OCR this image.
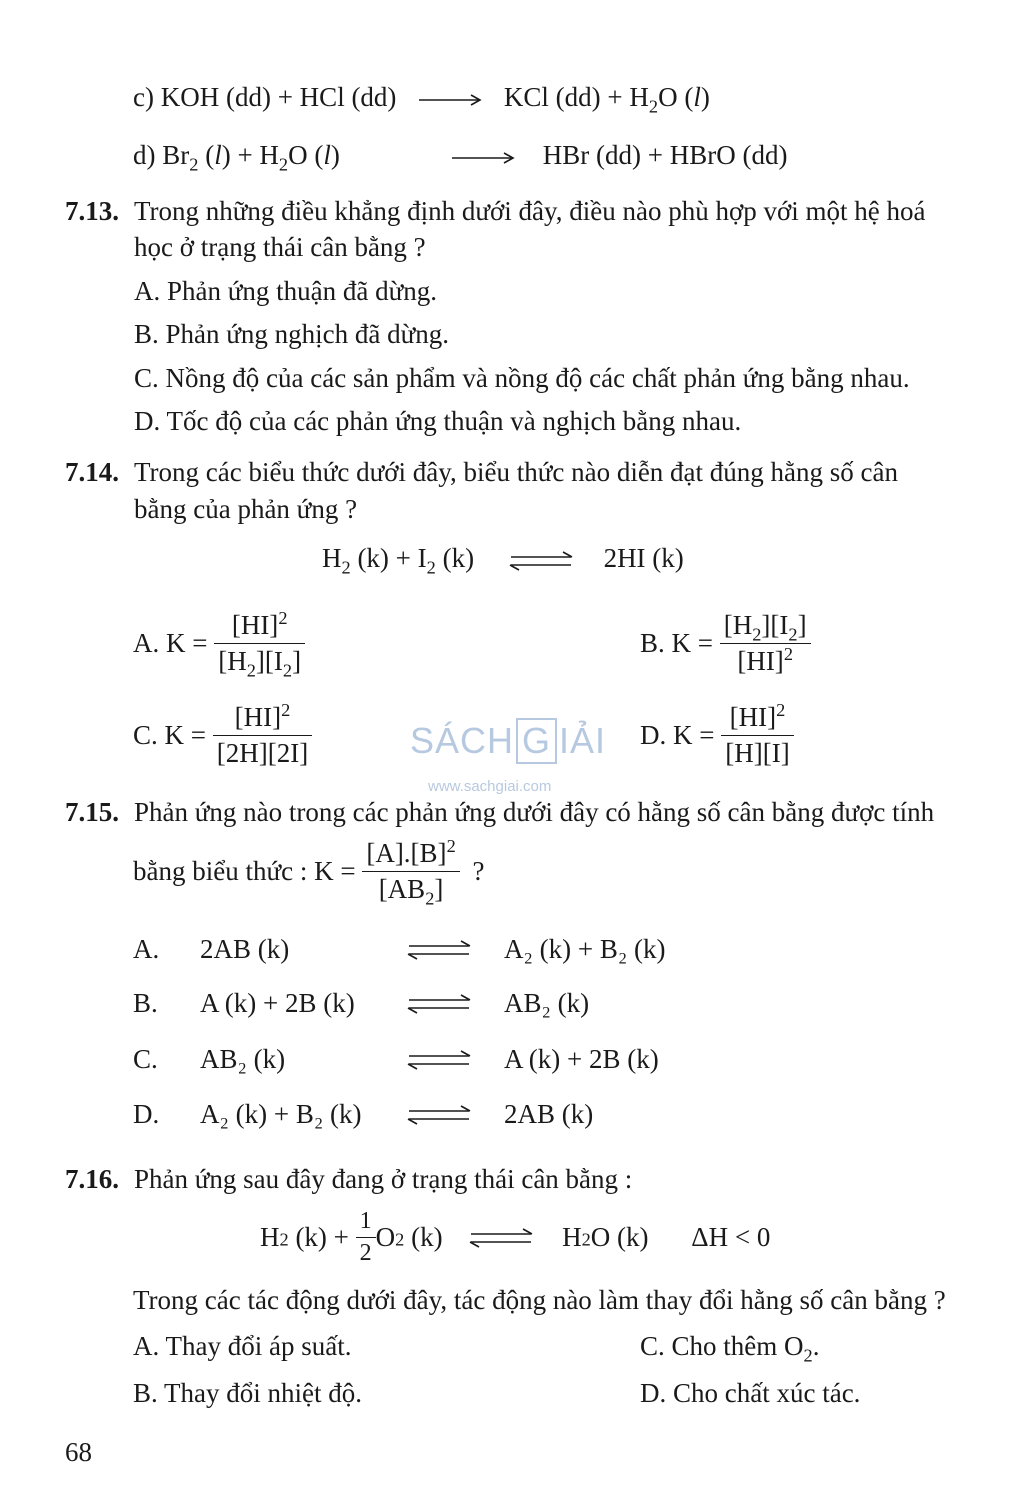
c) KOH (dd) + HCl (dd)	KCl $(dd) + H_2O$ (l)
d) $Br_2$ $(l) + H_2O$ (l)	HBr (dd) + HBrO (dd)
7.13. Trong những điều khẳng định dưới đây, điều nào phù hợp với một hệ hoá
học ở trạng thái cân bằng ?
A. Phản ứng thuận đã dừng.
B. Phản ứng nghịch đã dừng.
C. Nồng độ của các sản phẩm và nồng độ các chất phản ứng bằng nhau.
D. Tốc độ của các phản ứng thuận và nghịch bằng nhau.
7.14. Trong các biểu thức dưới đây, biểu thức nào diễn đạt đúng hằng số cân
bằng của phản ứng ?
$H_2$ $(k) + I_2$ (k)	2HI (k)
A. $K = \frac{[HI]^2}{[H_2][I_2]}$	B. $K = \frac{[H_2][I_2]}{[HI]^2}$
C. $K = \frac{[HI]^2}{[2H][2I]}$	D. $K = \frac{[HI]^2}{[H][I]}$
SÁCH G IẢI
www.sachgiai.com
7.15. Phản ứng nào trong các phản ứng dưới đây có hằng số cân bằng được tính
bằng biểu thức : $K = \frac{[A].[B]^2}{[AB_2]}$ ?
A. 2AB (k)	A₂ (k) + B₂ (k)
B. A (k) + 2B (k)	AB₂ (k)
C. AB₂ (k)	A (k) + 2B (k)
D. A₂ (k) + B₂ (k)	2AB (k)
7.16. Phản ứng sau đây đang ở trạng thái cân bằng :
$H_2$ $(k) + \frac{1}{2} O_2$ (k)	$H_2O$ (k) ΔH < 0
Trong các tác động dưới đây, tác động nào làm thay đổi hằng số cân bằng ?
A. Thay đổi áp suất.	C. Cho thêm $O_2$.
B. Thay đổi nhiệt độ.	D. Cho chất xúc tác.
68
